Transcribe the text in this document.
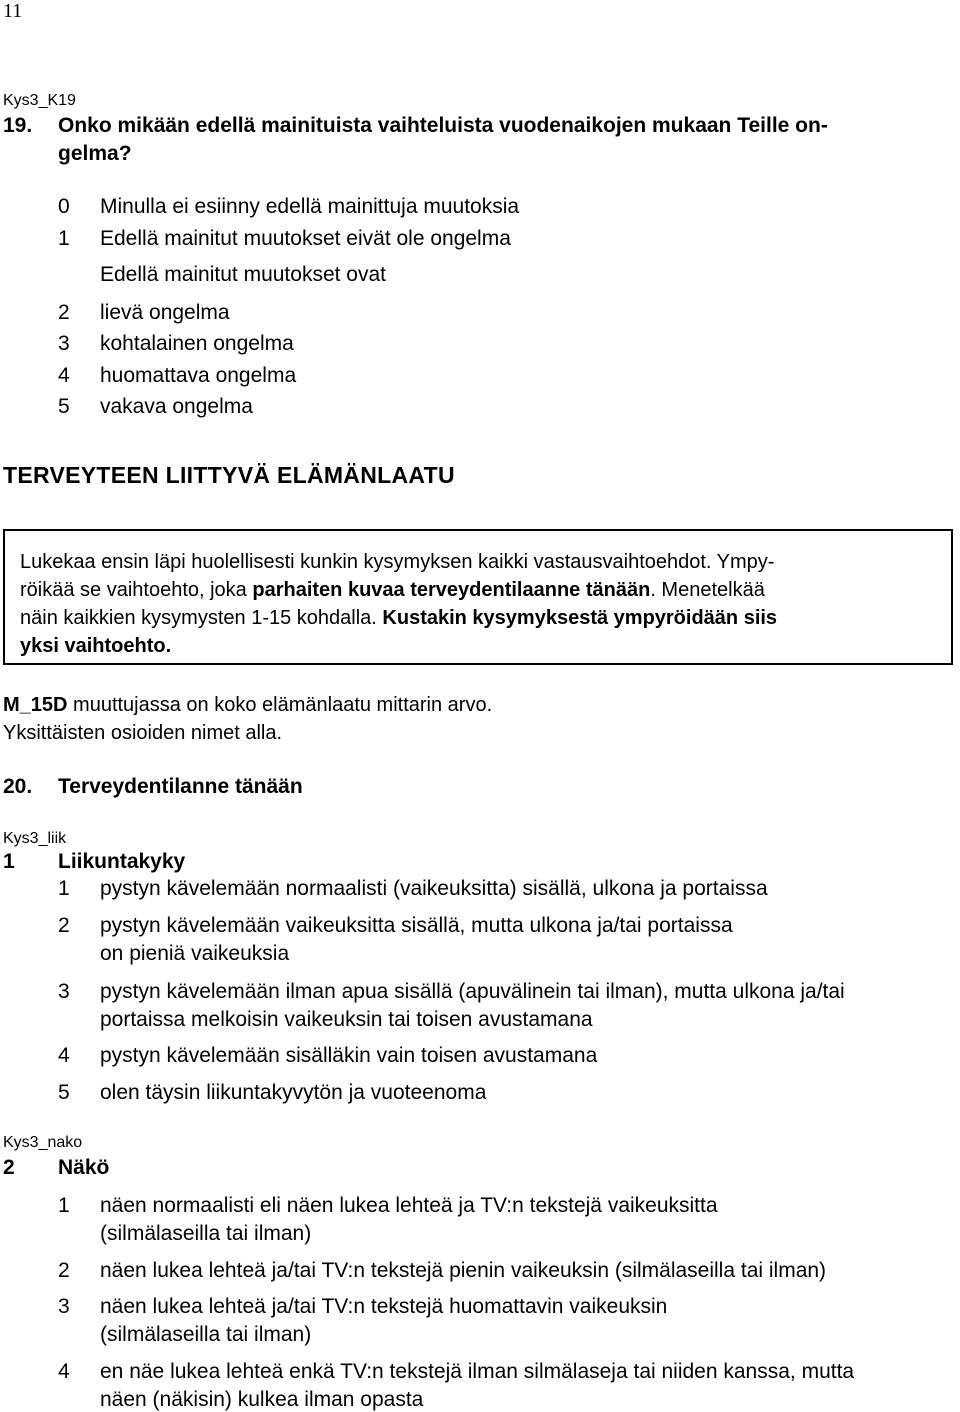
11
Kys3_K19
19. Onko mikään edellä mainituista vaihteluista vuodenaikojen mukaan Teille on-
gelma?
0 Minulla ei esiinny edellä mainittuja muutoksia
1 Edellä mainitut muutokset eivät ole ongelma
Edellä mainitut muutokset ovat
2 lievä ongelma
3 kohtalainen ongelma
4 huomattava ongelma
5 vakava ongelma
TERVEYTEEN LIITTYVÄ ELÄMÄNLAATU
Lukekaa ensin läpi huolellisesti kunkin kysymyksen kaikki vastausvaihtoehdot. Ympy-
röikää se vaihtoehto, joka parhaiten kuvaa terveydentilaanne tänään. Menetelkää
näin kaikkien kysymysten 1-15 kohdalla. Kustakin kysymyksestä ympyröidään siis
yksi vaihtoehto.
M_15D muuttujassa on koko elämänlaatu mittarin arvo.
Yksittäisten osioiden nimet alla.
20. Terveydentilanne tänään
Kys3_liik
1 Liikuntakyky
1 pystyn kävelemään normaalisti (vaikeuksitta) sisällä, ulkona ja portaissa
2 pystyn kävelemään vaikeuksitta sisällä, mutta ulkona ja/tai portaissa
on pieniä vaikeuksia
3 pystyn kävelemään ilman apua sisällä (apuvälinein tai ilman), mutta ulkona ja/tai
portaissa melkoisin vaikeuksin tai toisen avustamana
4 pystyn kävelemään sisälläkin vain toisen avustamana
5 olen täysin liikuntakyvytön ja vuoteenoma
Kys3_nako
2 Näkö
1 näen normaalisti eli näen lukea lehteä ja TV:n tekstejä vaikeuksitta
(silmälaseilla tai ilman)
2 näen lukea lehteä ja/tai TV:n tekstejä pienin vaikeuksin (silmälaseilla tai ilman)
3 näen lukea lehteä ja/tai TV:n tekstejä huomattavin vaikeuksin
(silmälaseilla tai ilman)
4 en näe lukea lehteä enkä TV:n tekstejä ilman silmälaseja tai niiden kanssa, mutta
näen (näkisin) kulkea ilman opasta
